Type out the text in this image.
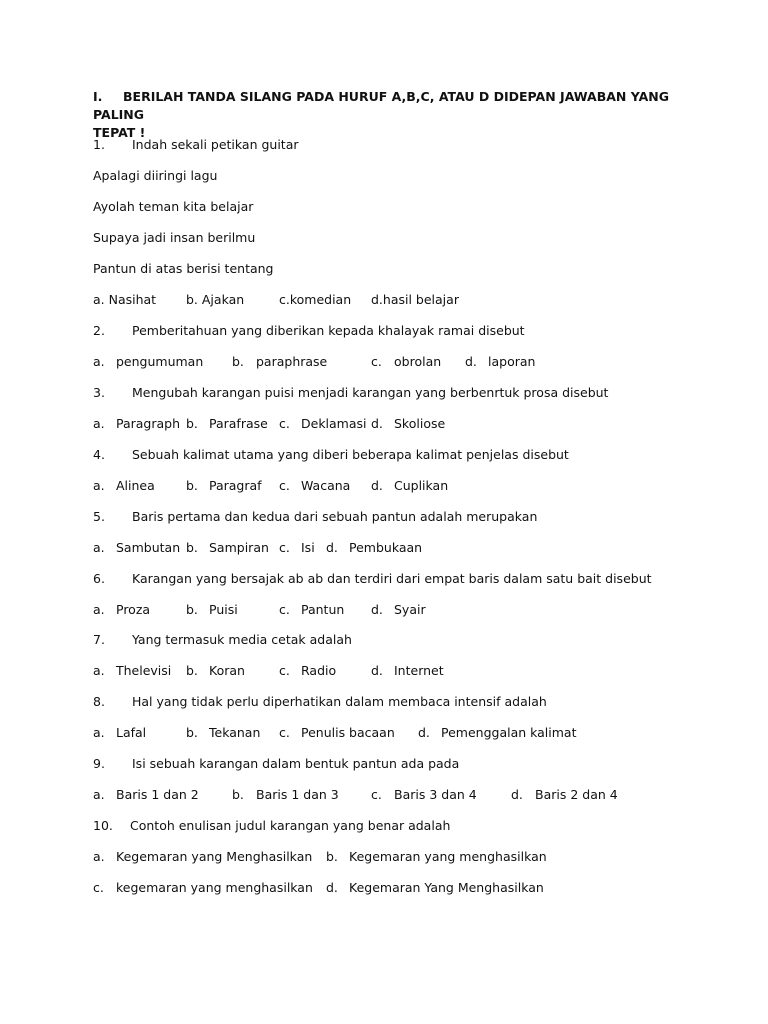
I. BERILAH TANDA SILANG PADA HURUF A,B,C, ATAU D DIDEPAN JAWABAN YANG PALING
TEPAT !
1. Indah sekali petikan guitar
Apalagi diiringi lagu
Ayolah teman kita belajar
Supaya jadi insan berilmu
Pantun di atas berisi tentang
a. Nasihat b. Ajakan	c.komedian d.hasil belajar
2. Pemberitahuan yang diberikan kepada khalayak ramai disebut
a. pengumuman b. paraphrase	c. obrolan d. laporan
3. Mengubah karangan puisi menjadi karangan yang berbenrtuk prosa disebut
a. Paragraph b. Parafrase c. Deklamasi d. Skoliose
4. Sebuah kalimat utama yang diberi beberapa kalimat penjelas disebut
a. Alinea b. Paragraf c. Wacana d. Cuplikan
5. Baris pertama dan kedua dari sebuah pantun adalah merupakan
a. Sambutan b. Sampiran c. Isi d. Pembukaan
6. Karangan yang bersajak ab ab dan terdiri dari empat baris dalam satu bait disebut
a. Proza	b. Puisi	c. Pantun d. Syair
7. Yang termasuk media cetak adalah
a. Thelevisi b. Koran	c. Radio	d. Internet
8. Hal yang tidak perlu diperhatikan dalam membaca intensif adalah
a. Lafal	b. Tekanan c. Penulis bacaan d. Pemenggalan kalimat
9. Isi sebuah karangan dalam bentuk pantun ada pada
a. Baris 1 dan 2	b. Baris 1 dan 3	c. Baris 3 dan 4	d. Baris 2 dan 4
10. Contoh enulisan judul karangan yang benar adalah
a. Kegemaran yang Menghasilkan b. Kegemaran yang menghasilkan
c. kegemaran yang menghasilkan d. Kegemaran Yang Menghasilkan
